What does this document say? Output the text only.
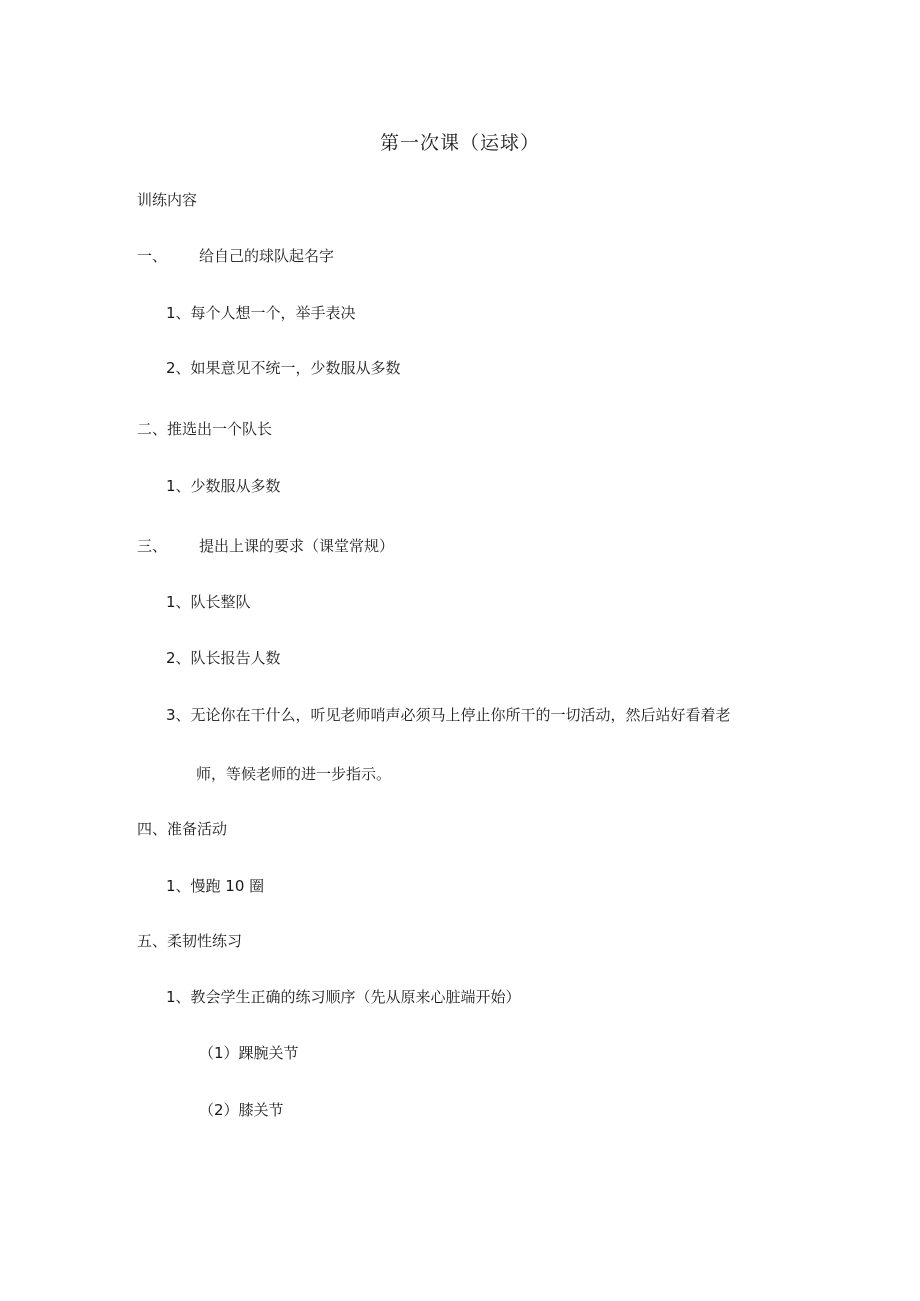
第一次课（运球）
训练内容
一、 给自己的球队起名字
1、每个人想一个，举手表决
2、如果意见不统一，少数服从多数
二、推选出一个队长
1、少数服从多数
三、 提出上课的要求（课堂常规）
1、队长整队
2、队长报告人数
3、无论你在干什么，听见老师哨声必须马上停止你所干的一切活动，然后站好看着老
师，等候老师的进一步指示。
四、准备活动
1、慢跑 10 圈
五、柔韧性练习
1、教会学生正确的练习顺序（先从原来心脏端开始）
（1）踝腕关节
（2）膝关节
